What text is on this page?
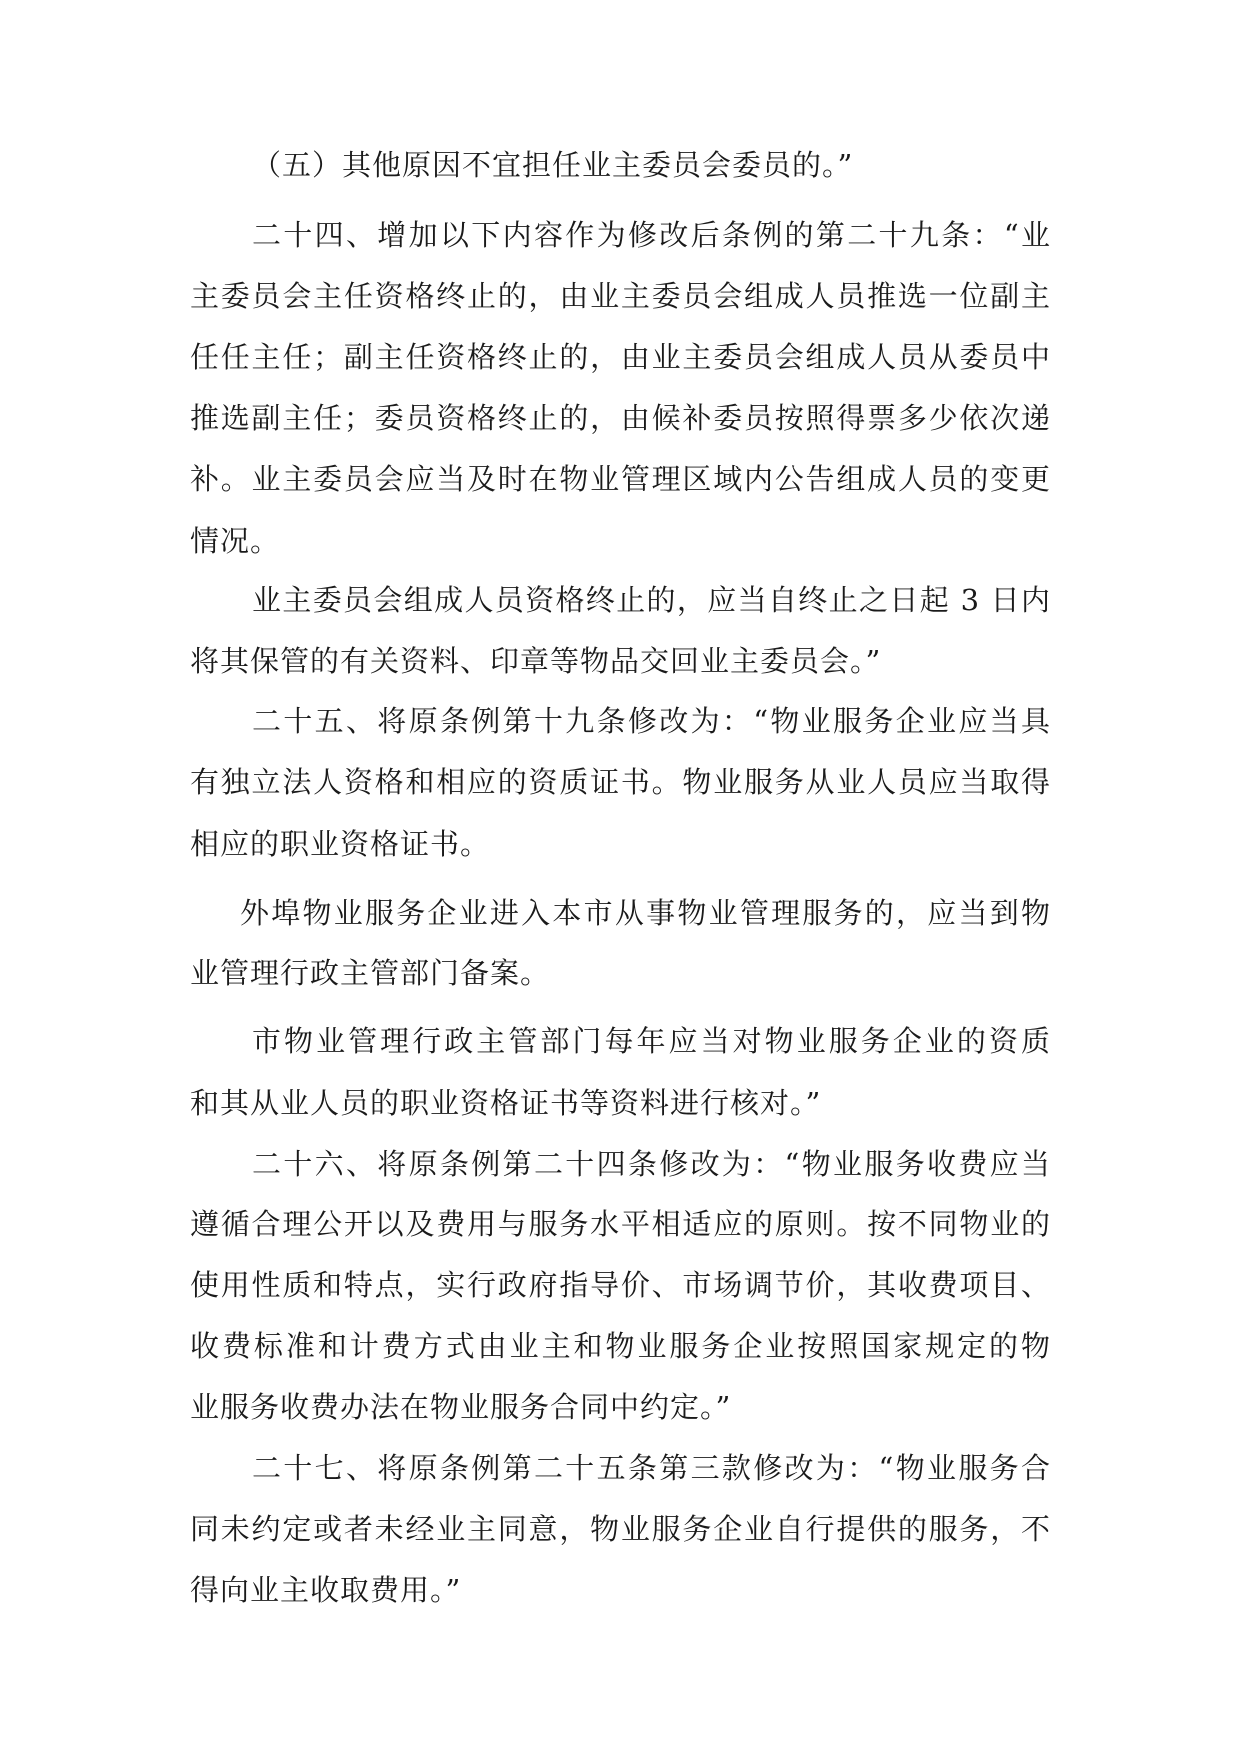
（五）其他原因不宜担任业主委员会委员的。”

二十四、增加以下内容作为修改后条例的第二十九条：“业

主委员会主任资格终止的，由业主委员会组成人员推选一位副主

任任主任；副主任资格终止的，由业主委员会组成人员从委员中

推选副主任；委员资格终止的，由候补委员按照得票多少依次递

补。业主委员会应当及时在物业管理区域内公告组成人员的变更

情况。

业主委员会组成人员资格终止的，应当自终止之日起 3 日内

将其保管的有关资料、印章等物品交回业主委员会。”

二十五、将原条例第十九条修改为：“物业服务企业应当具

有独立法人资格和相应的资质证书。物业服务从业人员应当取得

相应的职业资格证书。

外埠物业服务企业进入本市从事物业管理服务的，应当到物

业管理行政主管部门备案。

市物业管理行政主管部门每年应当对物业服务企业的资质

和其从业人员的职业资格证书等资料进行核对。”

二十六、将原条例第二十四条修改为：“物业服务收费应当

遵循合理公开以及费用与服务水平相适应的原则。按不同物业的

使用性质和特点，实行政府指导价、市场调节价，其收费项目、

收费标准和计费方式由业主和物业服务企业按照国家规定的物

业服务收费办法在物业服务合同中约定。”

二十七、将原条例第二十五条第三款修改为：“物业服务合

同未约定或者未经业主同意，物业服务企业自行提供的服务，不

得向业主收取费用。”
